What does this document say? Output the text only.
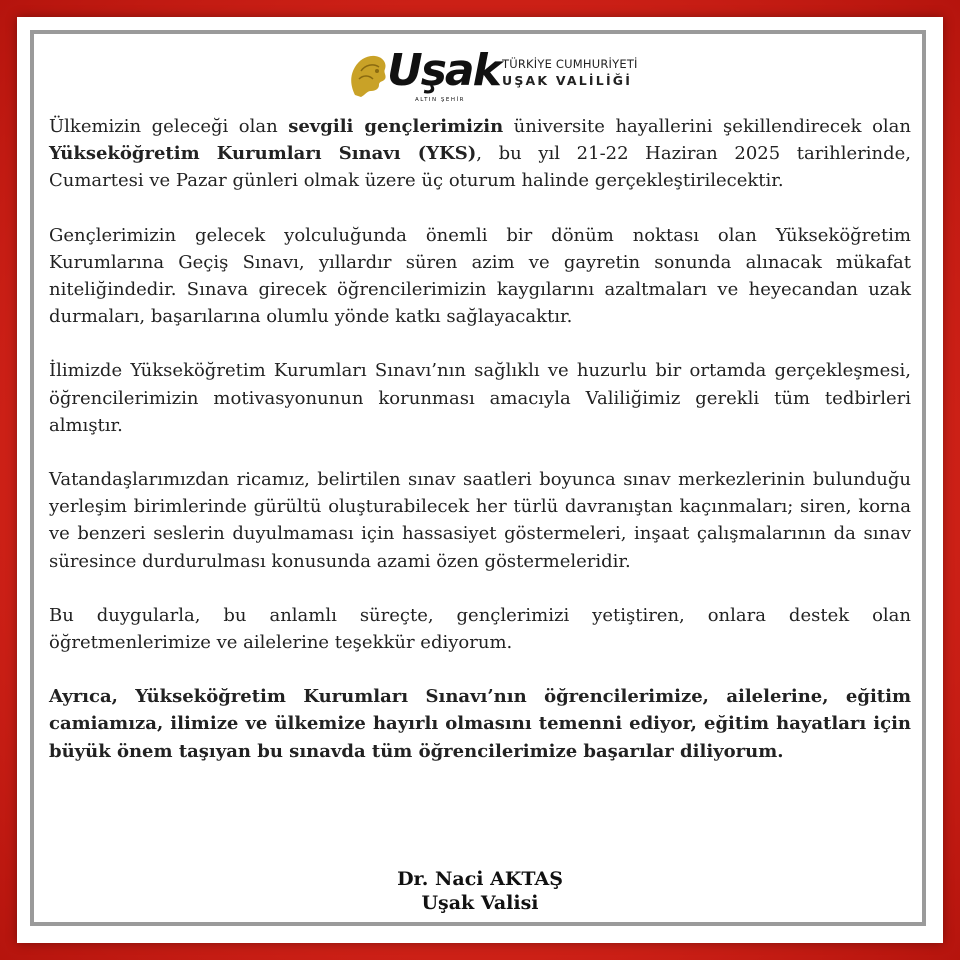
Uşak
ALTIN ŞEHİR
TÜRKİYE CUMHURİYETİ
UŞAK VALİLİĞİ

Ülkemizin geleceği olan sevgili gençlerimizin üniversite hayallerini şekillendirecek olan Yükseköğretim Kurumları Sınavı (YKS), bu yıl 21-22 Haziran 2025 tarihlerinde, Cumartesi ve Pazar günleri olmak üzere üç oturum halinde gerçekleştirilecektir.

Gençlerimizin gelecek yolculuğunda önemli bir dönüm noktası olan Yükseköğretim Kurumlarına Geçiş Sınavı, yıllardır süren azim ve gayretin sonunda alınacak mükafat niteliğindedir. Sınava girecek öğrencilerimizin kaygılarını azaltmaları ve heyecandan uzak durmaları, başarılarına olumlu yönde katkı sağlayacaktır.

İlimizde Yükseköğretim Kurumları Sınavı’nın sağlıklı ve huzurlu bir ortamda gerçekleşmesi, öğrencilerimizin motivasyonunun korunması amacıyla Valiliğimiz gerekli tüm tedbirleri almıştır.

Vatandaşlarımızdan ricamız, belirtilen sınav saatleri boyunca sınav merkezlerinin bulunduğu yerleşim birimlerinde gürültü oluşturabilecek her türlü davranıştan kaçınmaları; siren, korna ve benzeri seslerin duyulmaması için hassasiyet göstermeleri, inşaat çalışmalarının da sınav süresince durdurulması konusunda azami özen göstermeleridir.

Bu duygularla, bu anlamlı süreçte, gençlerimizi yetiştiren, onlara destek olan öğretmenlerimize ve ailelerine teşekkür ediyorum.

Ayrıca, Yükseköğretim Kurumları Sınavı’nın öğrencilerimize, ailelerine, eğitim camiamıza, ilimize ve ülkemize hayırlı olmasını temenni ediyor, eğitim hayatları için büyük önem taşıyan bu sınavda tüm öğrencilerimize başarılar diliyorum.

Dr. Naci AKTAŞ
Uşak Valisi
